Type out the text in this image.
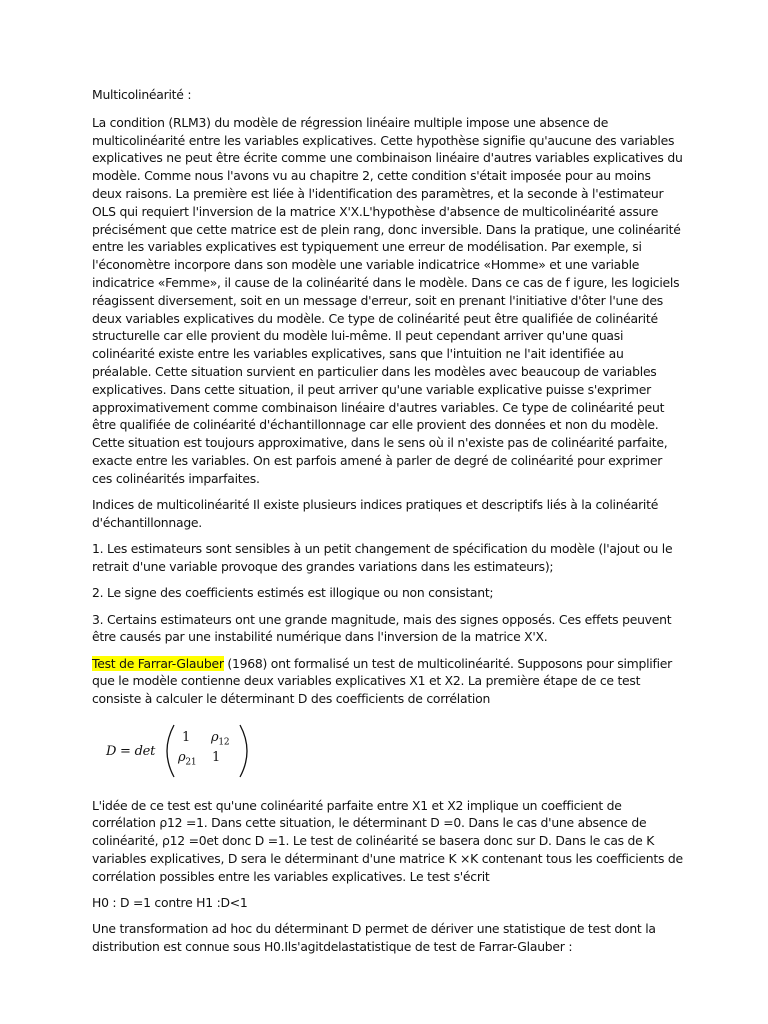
Multicolinéarité :

La condition (RLM3) du modèle de régression linéaire multiple impose une absence de multicolinéarité entre les variables explicatives. Cette hypothèse signifie qu'aucune des variables explicatives ne peut être écrite comme une combinaison linéaire d'autres variables explicatives du modèle. Comme nous l'avons vu au chapitre 2, cette condition s'était imposée pour au moins deux raisons. La première est liée à l'identification des paramètres, et la seconde à l'estimateur OLS qui requiert l'inversion de la matrice X'X.L'hypothèse d'absence de multicolinéarité assure précisément que cette matrice est de plein rang, donc inversible. Dans la pratique, une colinéarité entre les variables explicatives est typiquement une erreur de modélisation. Par exemple, si l'économètre incorpore dans son modèle une variable indicatrice «Homme» et une variable indicatrice «Femme», il cause de la colinéarité dans le modèle. Dans ce cas de f igure, les logiciels réagissent diversement, soit en un message d'erreur, soit en prenant l'initiative d'ôter l'une des deux variables explicatives du modèle. Ce type de colinéarité peut être qualifiée de colinéarité structurelle car elle provient du modèle lui-même. Il peut cependant arriver qu'une quasi colinéarité existe entre les variables explicatives, sans que l'intuition ne l'ait identifiée au préalable. Cette situation survient en particulier dans les modèles avec beaucoup de variables explicatives. Dans cette situation, il peut arriver qu'une variable explicative puisse s'exprimer approximativement comme combinaison linéaire d'autres variables. Ce type de colinéarité peut être qualifiée de colinéarité d'échantillonnage car elle provient des données et non du modèle. Cette situation est toujours approximative, dans le sens où il n'existe pas de colinéarité parfaite, exacte entre les variables. On est parfois amené à parler de degré de colinéarité pour exprimer ces colinéarités imparfaites.

Indices de multicolinéarité Il existe plusieurs indices pratiques et descriptifs liés à la colinéarité d'échantillonnage.

1. Les estimateurs sont sensibles à un petit changement de spécification du modèle (l'ajout ou le retrait d'une variable provoque des grandes variations dans les estimateurs);

2. Le signe des coefficients estimés est illogique ou non consistant;

3. Certains estimateurs ont une grande magnitude, mais des signes opposés. Ces effets peuvent être causés par une instabilité numérique dans l'inversion de la matrice X'X.

Test de Farrar-Glauber (1968) ont formalisé un test de multicolinéarité. Supposons pour simplifier que le modèle contienne deux variables explicatives X1 et X2. La première étape de ce test consiste à calculer le déterminant D des coefficients de corrélation

D = det
1 $\rho_{12}$
$\rho_{21}$ 1

L'idée de ce test est qu'une colinéarité parfaite entre X1 et X2 implique un coefficient de corrélation ρ12 =1. Dans cette situation, le déterminant D =0. Dans le cas d'une absence de colinéarité, ρ12 =0et donc D =1. Le test de colinéarité se basera donc sur D. Dans le cas de K variables explicatives, D sera le déterminant d'une matrice K ×K contenant tous les coefficients de corrélation possibles entre les variables explicatives. Le test s'écrit

H0 : D =1 contre H1 :D<1

Une transformation ad hoc du déterminant D permet de dériver une statistique de test dont la distribution est connue sous H0.Ils'agitdelastatistique de test de Farrar-Glauber :
